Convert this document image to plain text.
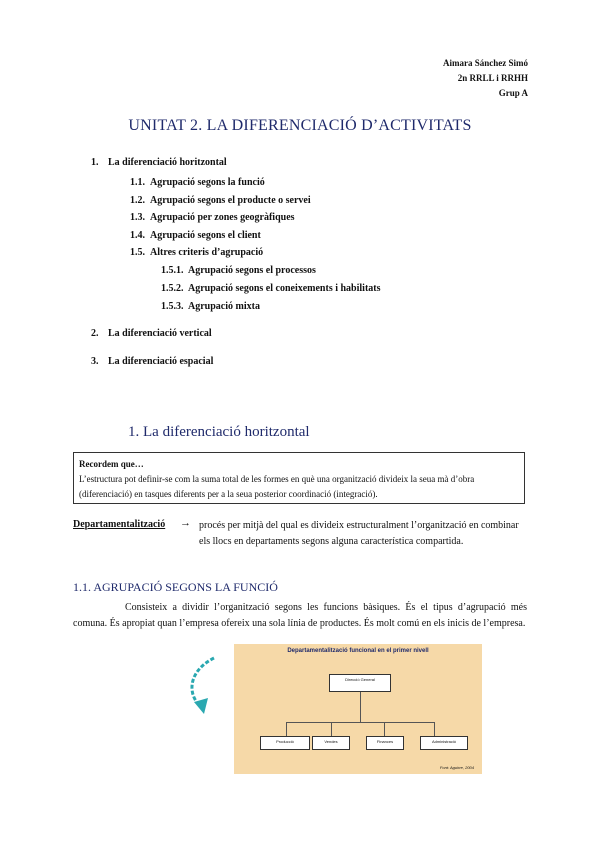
Aimara Sánchez Simó
2n RRLL i RRHH
Grup A
UNITAT 2. LA DIFERENCIACIÓ D’ACTIVITATS
1. La diferenciació horitzontal
1.1. Agrupació segons la funció
1.2. Agrupació segons el producte o servei
1.3. Agrupació per zones geogràfiques
1.4. Agrupació segons el client
1.5. Altres criteris d’agrupació
1.5.1. Agrupació segons el processos
1.5.2. Agrupació segons el coneixements i habilitats
1.5.3. Agrupació mixta
2. La diferenciació vertical
3. La diferenciació espacial
1. La diferenciació horitzontal
Recordem que…
L’estructura pot definir-se com la suma total de les formes en què una organització divideix la seua mà d’obra (diferenciació) en tasques diferents per a la seua posterior coordinació (integració).
Departamentalització → procés per mitjà del qual es divideix estructuralment l’organització en combinar els llocs en departaments segons alguna característica compartida.
1.1. AGRUPACIÓ SEGONS LA FUNCIÓ
Consisteix a dividir l’organització segons les funcions bàsiques. És el tipus d’agrupació més comuna. És apropiat quan l’empresa ofereix una sola línia de productes. És molt comú en els inicis de l’empresa.
Departamentalització funcional en el primer nivell
Direcció General
Producció	Vendes	Finances	Administració
Font: Aguirre, 2004
